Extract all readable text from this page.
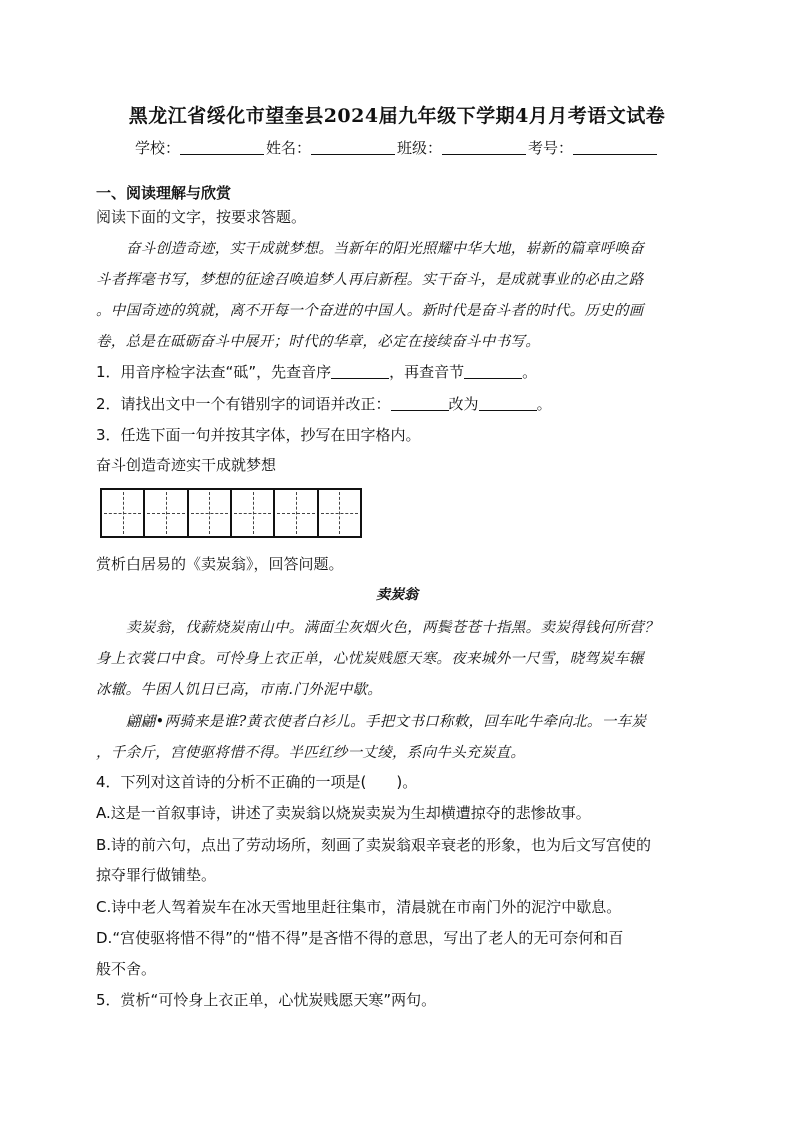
黑龙江省绥化市望奎县2024届九年级下学期4月月考语文试卷
学校：	姓名：	班级：	考号：
一、阅读理解与欣赏
阅读下面的文字，按要求答题。
奋斗创造奇迹，实干成就梦想。当新年的阳光照耀中华大地，崭新的篇章呼唤奋
斗者挥毫书写，梦想的征途召唤追梦人再启新程。实干奋斗，是成就事业的必由之路
。中国奇迹的筑就，离不开每一个奋进的中国人。新时代是奋斗者的时代。历史的画
卷，总是在砥砺奋斗中展开；时代的华章，必定在接续奋斗中书写。
1．用音序检字法查“砥”，先查音序	，再查音节	。
2．请找出文中一个有错别字的词语并改正：	改为	。
3．任选下面一句并按其字体，抄写在田字格内。
奋斗创造奇迹实干成就梦想
赏析白居易的《卖炭翁》，回答问题。
卖炭翁
卖炭翁，伐薪烧炭南山中。满面尘灰烟火色，两鬓苍苍十指黑。卖炭得钱何所营？
身上衣裳口中食。可怜身上衣正单，心忧炭贱愿天寒。夜来城外一尺雪，晓驾炭车辗
冰辙。牛困人饥日已高，市南.门外泥中歇。
翩翩•两骑来是谁?黄衣使者白衫儿。手把文书口称敕，回车叱牛牵向北。一车炭
，千余斤，宫使驱将惜不得。半匹红纱一丈绫，系向牛头充炭直。
4．下列对这首诗的分析不正确的一项是(　　)。
A.这是一首叙事诗，讲述了卖炭翁以烧炭卖炭为生却横遭掠夺的悲惨故事。
B.诗的前六句，点出了劳动场所，刻画了卖炭翁艰辛衰老的形象，也为后文写宫使的
掠夺罪行做铺垫。
C.诗中老人驾着炭车在冰天雪地里赶往集市，清晨就在市南门外的泥泞中歇息。
D.“宫使驱将惜不得”的“惜不得”是吝惜不得的意思，写出了老人的无可奈何和百
般不舍。
5．赏析“可怜身上衣正单，心忧炭贱愿天寒”两句。
